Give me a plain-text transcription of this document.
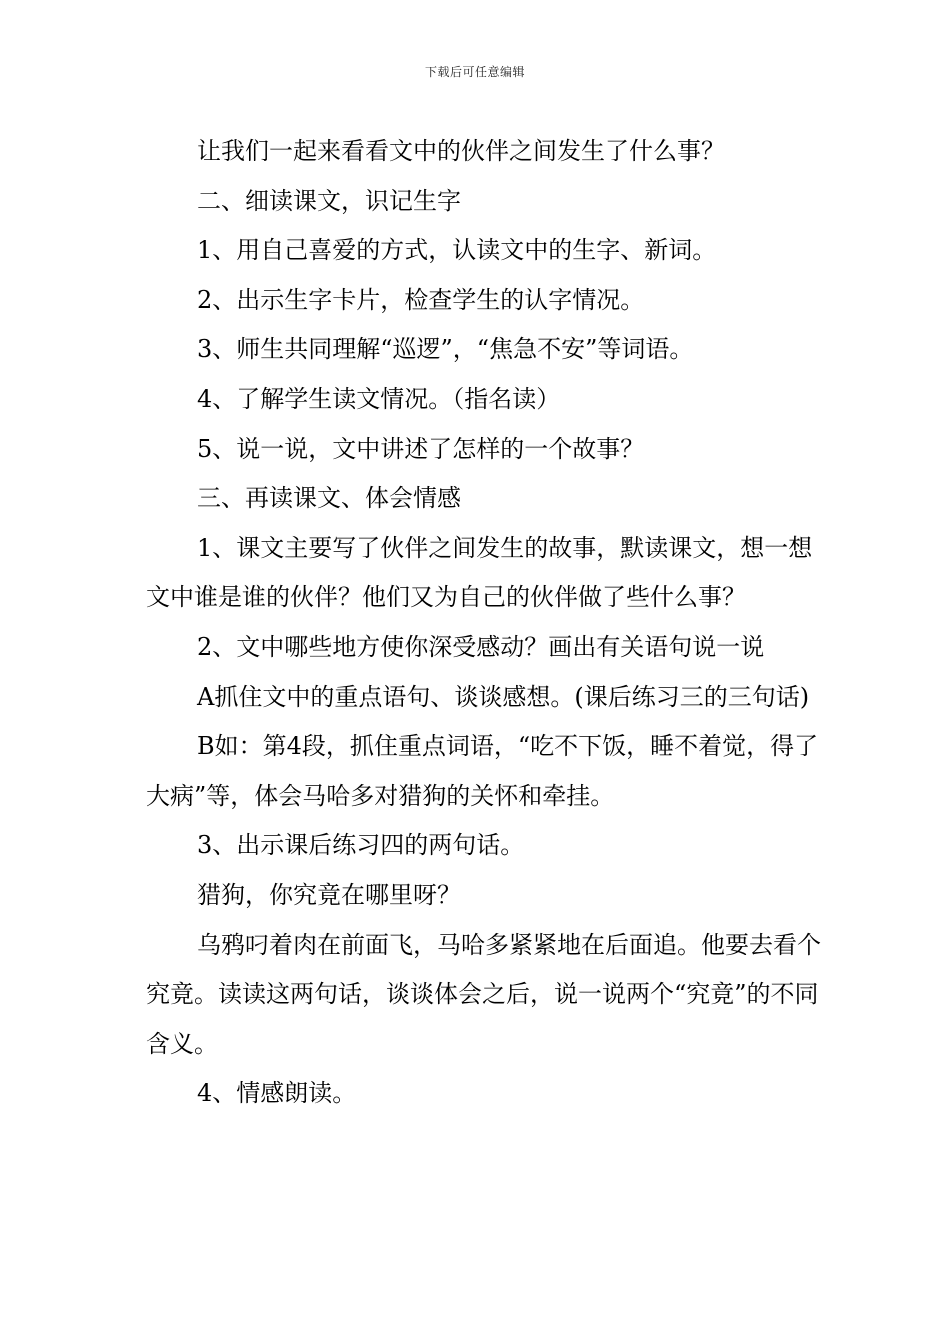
下载后可任意编辑

让我们一起来看看文中的伙伴之间发生了什么事？

二、细读课文，识记生字

1、用自己喜爱的方式，认读文中的生字、新词。

2、出示生字卡片，检查学生的认字情况。

3、师生共同理解“巡逻”，“焦急不安”等词语。

4、了解学生读文情况。（指名读）

5、说一说，文中讲述了怎样的一个故事？

三、再读课文、体会情感

1、课文主要写了伙伴之间发生的故事，默读课文，想一想文中谁是谁的伙伴？他们又为自己的伙伴做了些什么事？

2、文中哪些地方使你深受感动？画出有关语句说一说

A抓住文中的重点语句、谈谈感想。(课后练习三的三句话)

B如：第4段，抓住重点词语，“吃不下饭，睡不着觉，得了大病”等，体会马哈多对猎狗的关怀和牵挂。

3、出示课后练习四的两句话。

猎狗，你究竟在哪里呀？

乌鸦叼着肉在前面飞，马哈多紧紧地在后面追。他要去看个究竟。读读这两句话，谈谈体会之后，说一说两个“究竟”的不同含义。

4、情感朗读。
